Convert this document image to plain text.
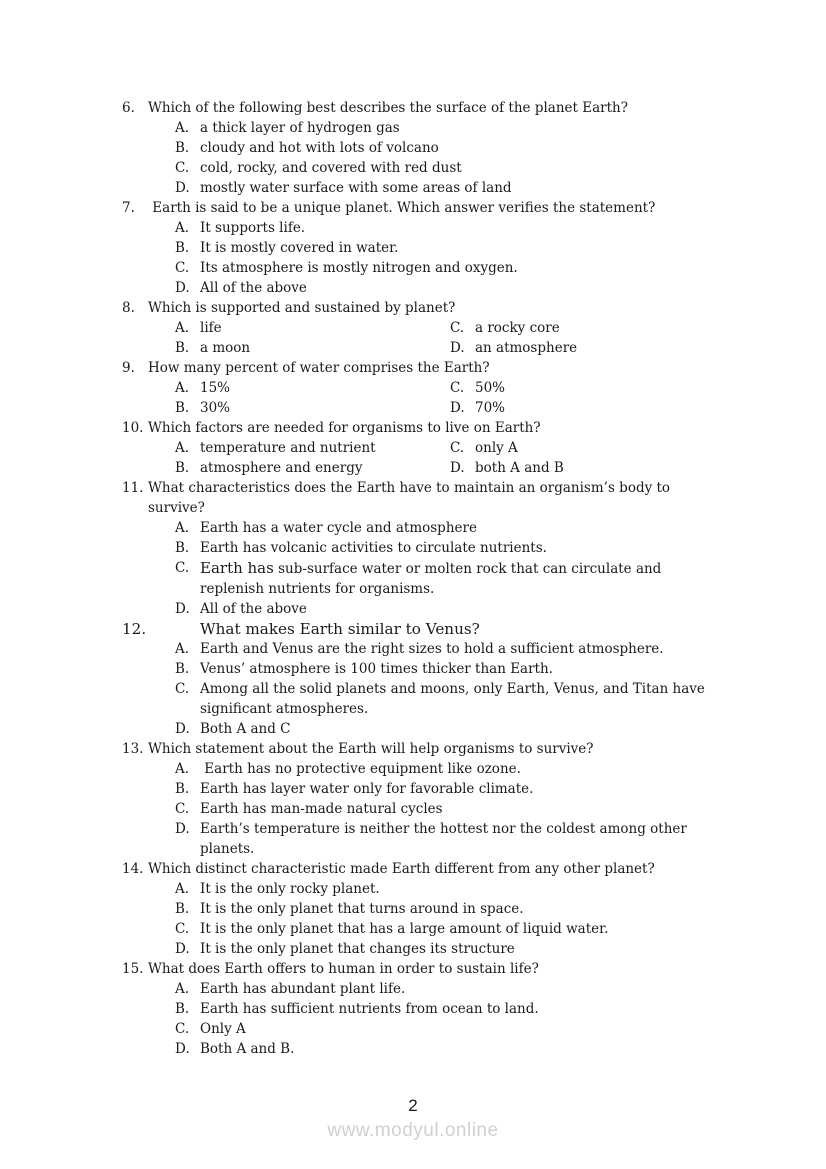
6. Which of the following best describes the surface of the planet Earth?
A. a thick layer of hydrogen gas
B. cloudy and hot with lots of volcano
C. cold, rocky, and covered with red dust
D. mostly water surface with some areas of land
7. Earth is said to be a unique planet. Which answer verifies the statement?
A. It supports life.
B. It is mostly covered in water.
C. Its atmosphere is mostly nitrogen and oxygen.
D. All of the above
8. Which is supported and sustained by planet?
A. life	C. a rocky core
B. a moon	D. an atmosphere
9. How many percent of water comprises the Earth?
A. 15%	C. 50%
B. 30%	D. 70%
10. Which factors are needed for organisms to live on Earth?
A. temperature and nutrient	C. only A
B. atmosphere and energy	D. both A and B
11. What characteristics does the Earth have to maintain an organism’s body to survive?
A. Earth has a water cycle and atmosphere
B. Earth has volcanic activities to circulate nutrients.
C. Earth has sub-surface water or molten rock that can circulate and replenish nutrients for organisms.
D. All of the above
12.	What makes Earth similar to Venus?
A. Earth and Venus are the right sizes to hold a sufficient atmosphere.
B. Venus’ atmosphere is 100 times thicker than Earth.
C. Among all the solid planets and moons, only Earth, Venus, and Titan have significant atmospheres.
D. Both A and C
13. Which statement about the Earth will help organisms to survive?
A. Earth has no protective equipment like ozone.
B. Earth has layer water only for favorable climate.
C. Earth has man-made natural cycles
D. Earth’s temperature is neither the hottest nor the coldest among other planets.
14. Which distinct characteristic made Earth different from any other planet?
A. It is the only rocky planet.
B. It is the only planet that turns around in space.
C. It is the only planet that has a large amount of liquid water.
D. It is the only planet that changes its structure
15. What does Earth offers to human in order to sustain life?
A. Earth has abundant plant life.
B. Earth has sufficient nutrients from ocean to land.
C. Only A
D. Both A and B.
2
www.modyul.online
